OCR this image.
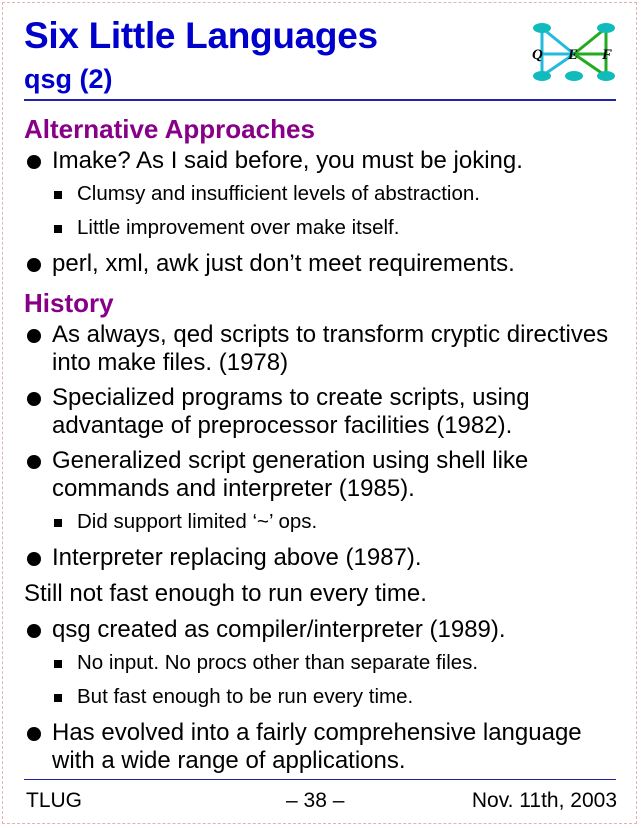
Six Little Languages
qsg (2)
Q E F
Alternative Approaches
Imake? As I said before, you must be joking.
Clumsy and insufficient levels of abstraction.
Little improvement over make itself.
perl, xml, awk just don’t meet requirements.
History
As always, qed scripts to transform cryptic directives into make files. (1978)
Specialized programs to create scripts, using advantage of preprocessor facilities (1982).
Generalized script generation using shell like commands and interpreter (1985).
Did support limited ‘~’ ops.
Interpreter replacing above (1987).
Still not fast enough to run every time.
qsg created as compiler/interpreter (1989).
No input. No procs other than separate files.
But fast enough to be run every time.
Has evolved into a fairly comprehensive language with a wide range of applications.
TLUG	– 38 –	Nov. 11th, 2003
